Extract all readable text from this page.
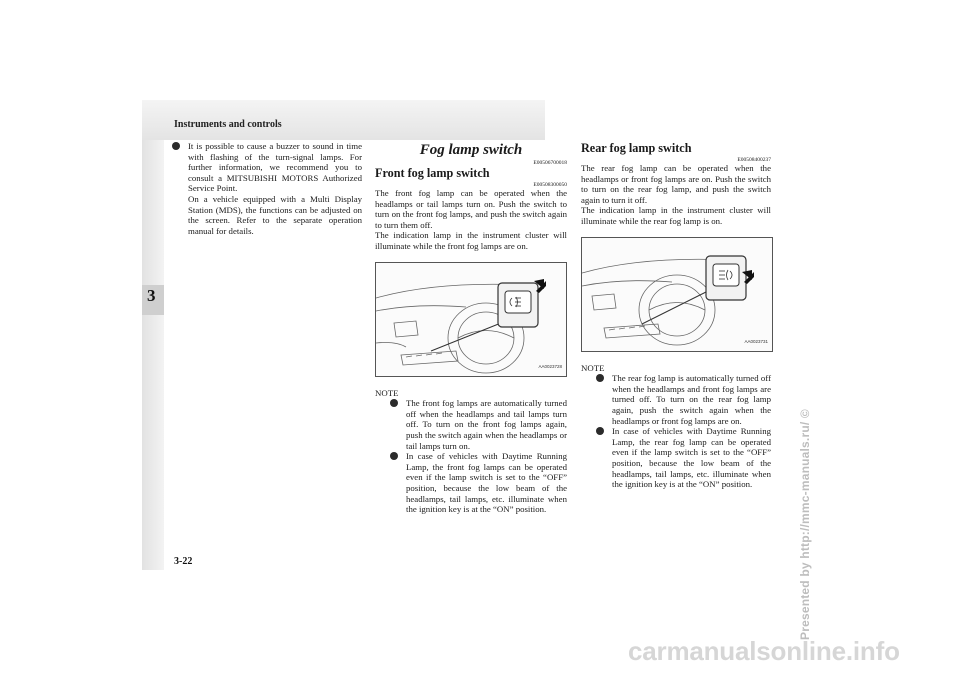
Instruments and controls
3

It is possible to cause a buzzer to sound in time with flashing of the turn-signal lamps. For further information, we recommend you to consult a MITSUBISHI MOTORS Authorized Service Point.

On a vehicle equipped with a Multi Display Station (MDS), the functions can be adjusted on the screen. Refer to the separate operation manual for details.

Fog lamp switch
E00506700018
Front fog lamp switch
E00508300050

The front fog lamp can be operated when the headlamps or tail lamps turn on. Push the switch to turn on the front fog lamps, and push the switch again to turn them off.

The indication lamp in the instrument cluster will illuminate while the front fog lamps are on.

AA0023728
NOTE
The front fog lamps are automatically turned off when the headlamps and tail lamps turn off. To turn on the front fog lamps again, push the switch again when the headlamps or tail lamps turn on.
In case of vehicles with Daytime Running Lamp, the front fog lamps can be operated even if the lamp switch is set to the “OFF” position, because the low beam of the headlamps, tail lamps, etc. illuminate when the ignition key is at the “ON” position.
Rear fog lamp switch
E00508400237

The rear fog lamp can be operated when the headlamps or front fog lamps are on. Push the switch to turn on the rear fog lamp, and push the switch again to turn it off.

The indication lamp in the instrument cluster will illuminate while the rear fog lamp is on.

AA0023731
NOTE
The rear fog lamp is automatically turned off when the headlamps and front fog lamps are turned off. To turn on the rear fog lamp again, push the switch again when the headlamps or front fog lamps are on.
In case of vehicles with Daytime Running Lamp, the rear fog lamp can be operated even if the lamp switch is set to the “OFF” position, because the low beam of the headlamps, tail lamps, etc. illuminate when the ignition key is at the “ON” position.
3-22	Presented by http://mmc-manuals.ru/ ©
carmanualsonline.info
